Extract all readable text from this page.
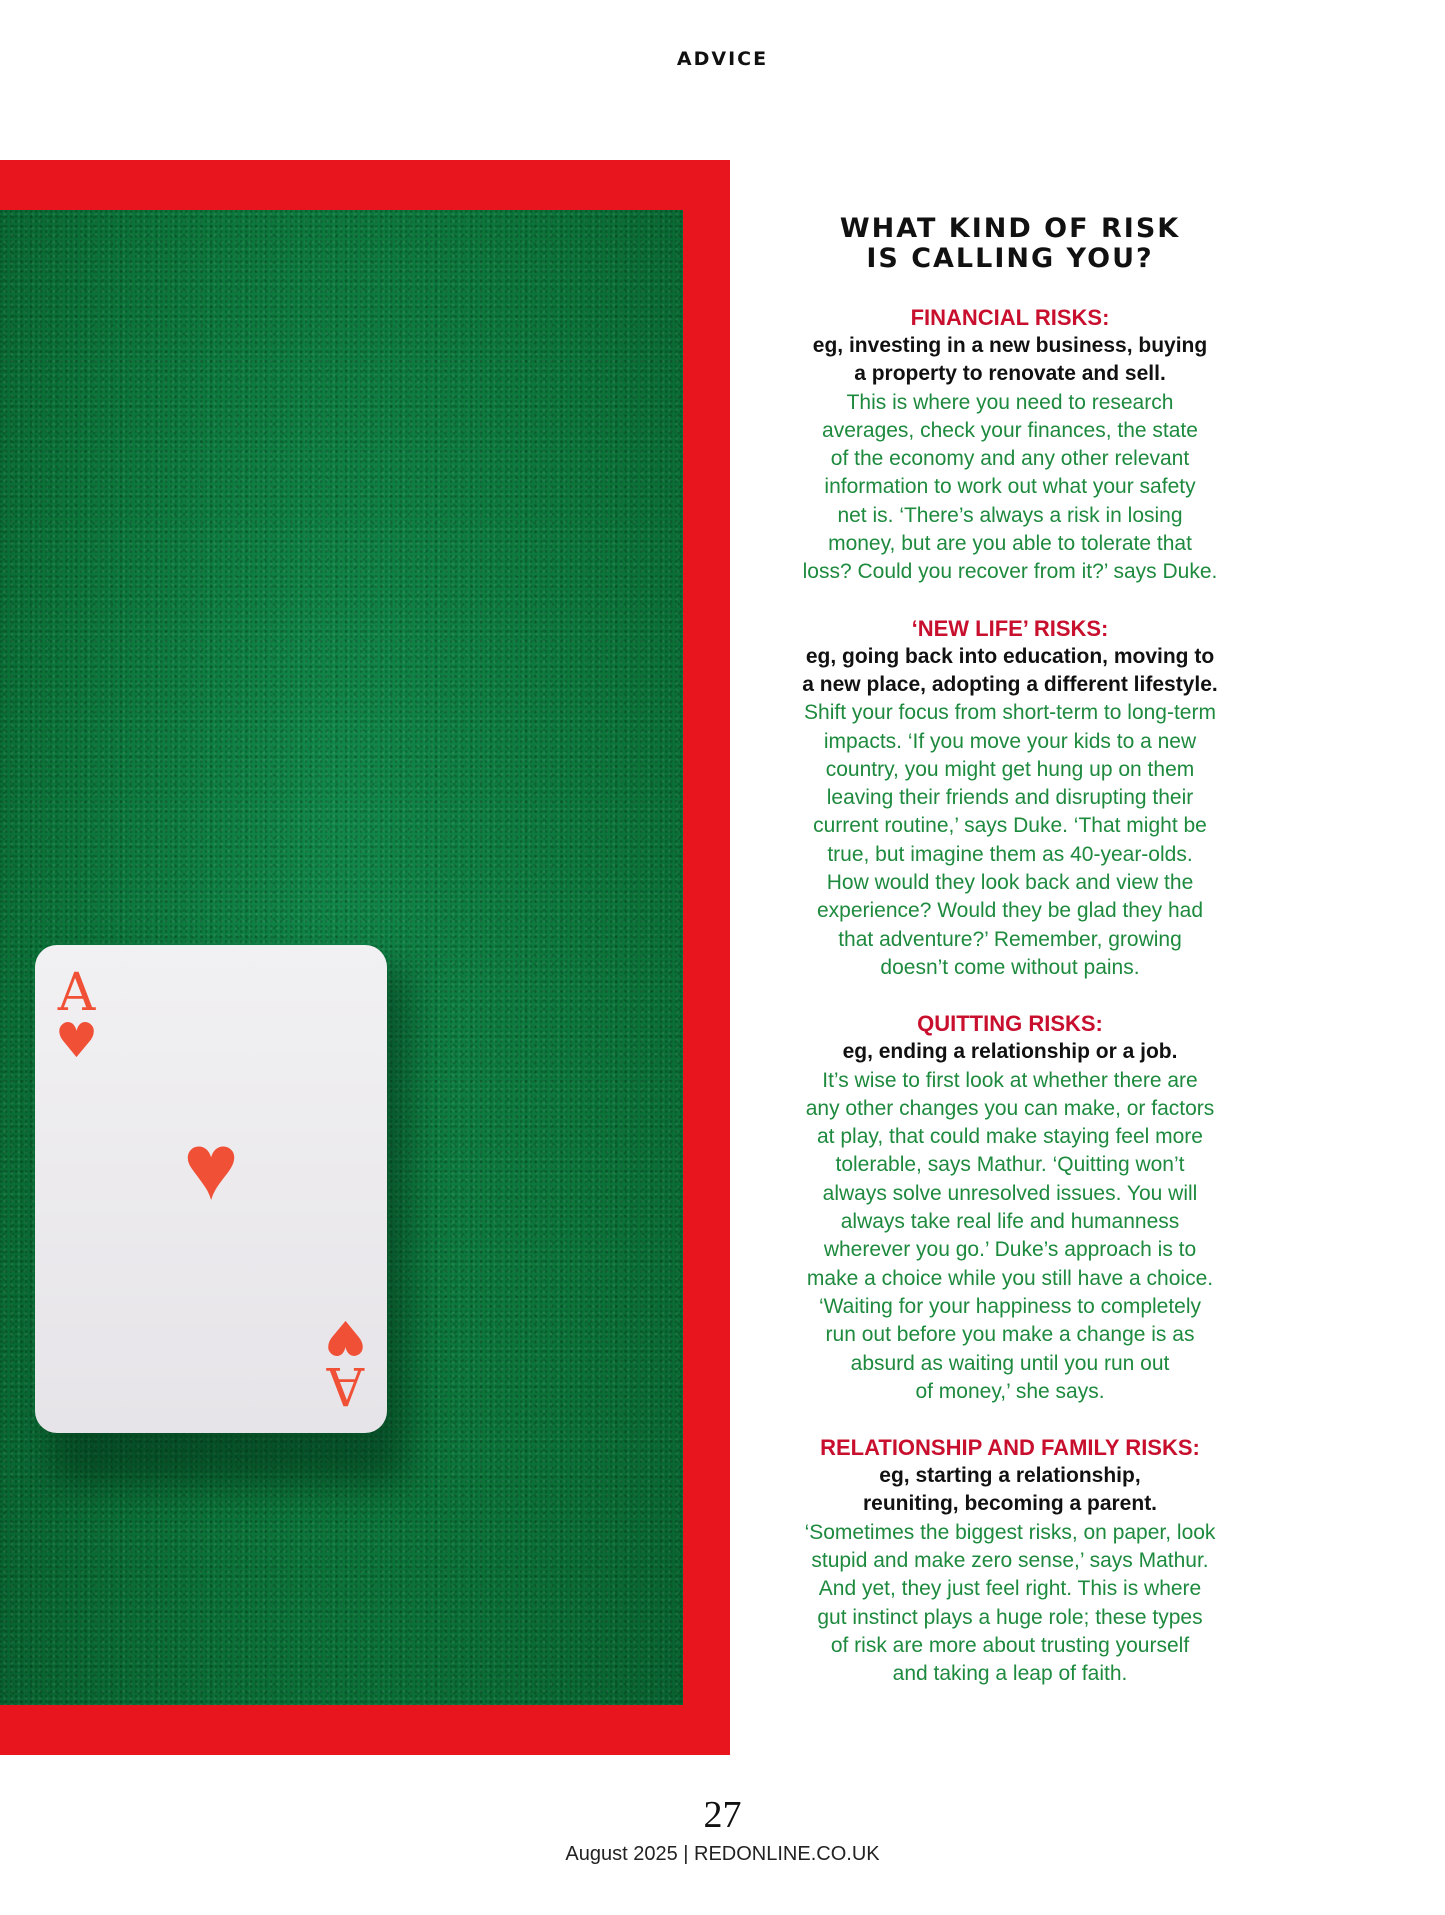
ADVICE
A
♥
♥
A
♥
WHAT KIND OF RISK
IS CALLING YOU?
FINANCIAL RISKS:
eg, investing in a new business, buying
a property to renovate and sell.
This is where you need to research
averages, check your finances, the state
of the economy and any other relevant
information to work out what your safety
net is. ‘There’s always a risk in losing
money, but are you able to tolerate that
loss? Could you recover from it?’ says Duke.
‘NEW LIFE’ RISKS:
eg, going back into education, moving to
a new place, adopting a different lifestyle.
Shift your focus from short-term to long-term
impacts. ‘If you move your kids to a new
country, you might get hung up on them
leaving their friends and disrupting their
current routine,’ says Duke. ‘That might be
true, but imagine them as 40-year-olds.
How would they look back and view the
experience? Would they be glad they had
that adventure?’ Remember, growing
doesn’t come without pains.
QUITTING RISKS:
eg, ending a relationship or a job.
It’s wise to first look at whether there are
any other changes you can make, or factors
at play, that could make staying feel more
tolerable, says Mathur. ‘Quitting won’t
always solve unresolved issues. You will
always take real life and humanness
wherever you go.’ Duke’s approach is to
make a choice while you still have a choice.
‘Waiting for your happiness to completely
run out before you make a change is as
absurd as waiting until you run out
of money,’ she says.
RELATIONSHIP AND FAMILY RISKS:
eg, starting a relationship,
reuniting, becoming a parent.
‘Sometimes the biggest risks, on paper, look
stupid and make zero sense,’ says Mathur.
And yet, they just feel right. This is where
gut instinct plays a huge role; these types
of risk are more about trusting yourself
and taking a leap of faith.
27
August 2025 | REDONLINE.CO.UK
